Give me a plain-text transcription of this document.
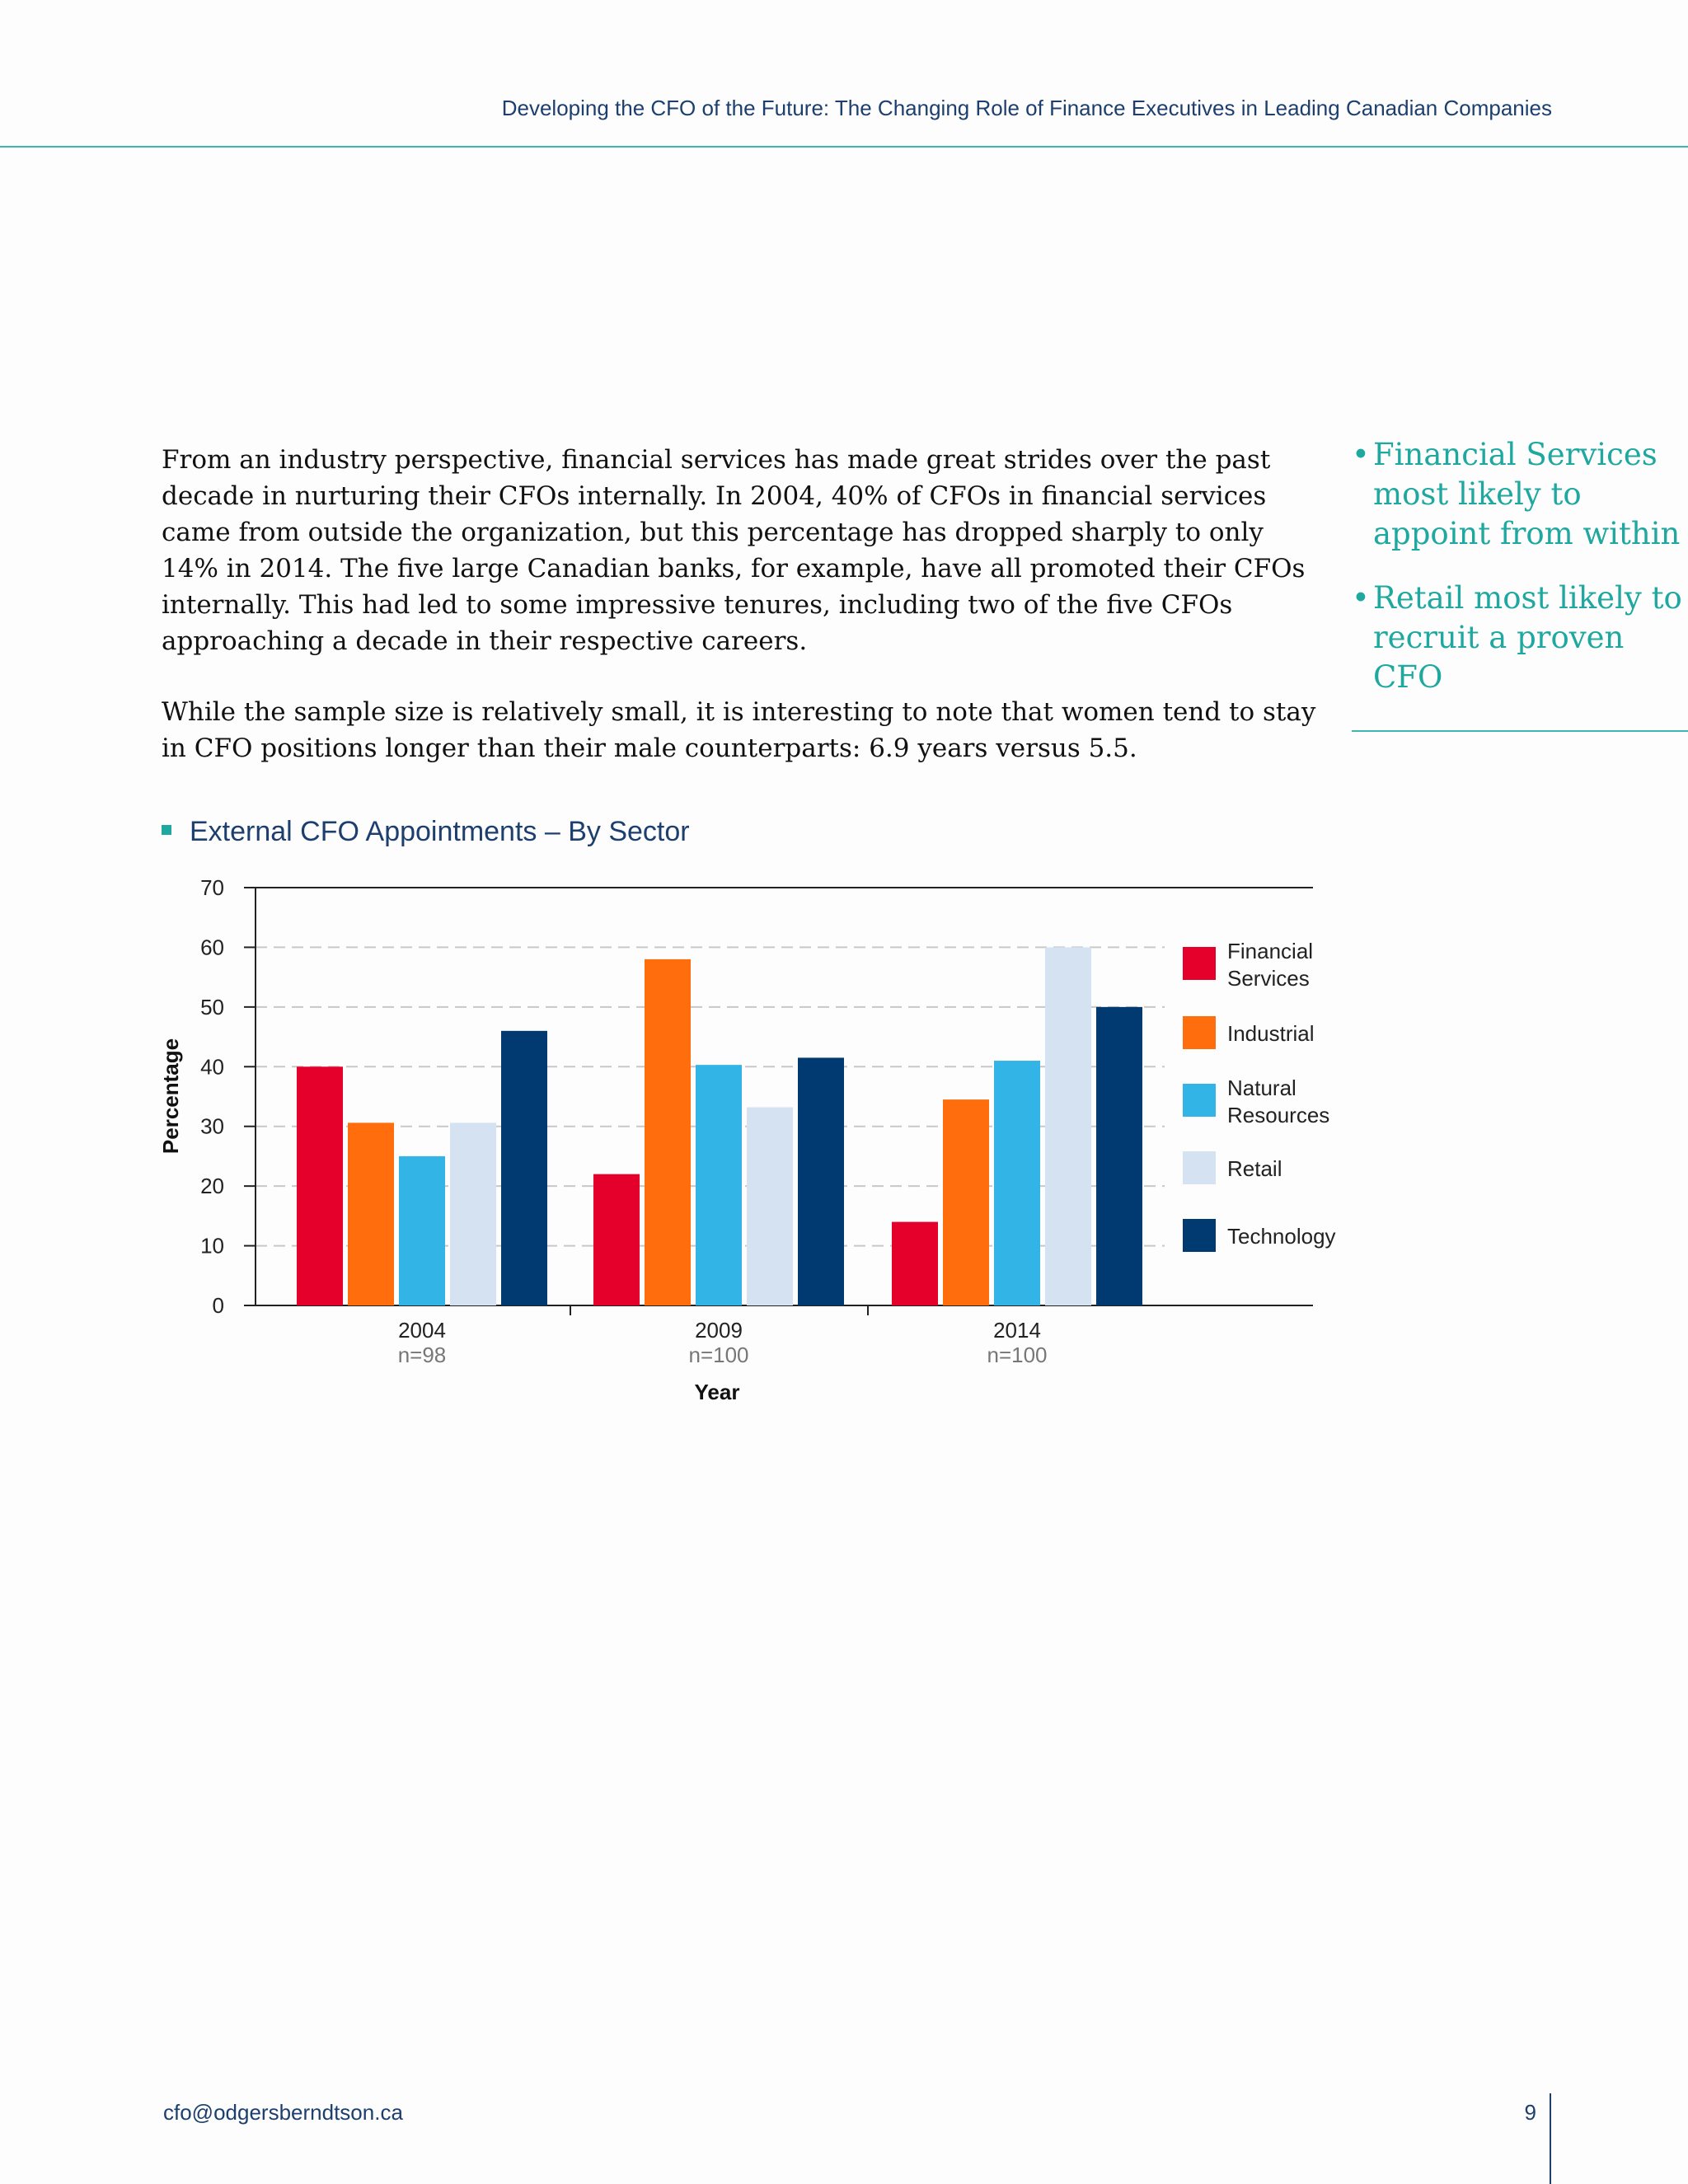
Developing the CFO of the Future: The Changing Role of Finance Executives in Leading Canadian Companies

From an industry perspective, financial services has made great strides over the past decade in nurturing their CFOs internally. In 2004, 40% of CFOs in financial services came from outside the organization, but this percentage has dropped sharply to only 14% in 2014. The five large Canadian banks, for example, have all promoted their CFOs internally. This had led to some impressive tenures, including two of the five CFOs approaching a decade in their respective careers.

While the sample size is relatively small, it is interesting to note that women tend to stay in CFO positions longer than their male counterparts: 6.9 years versus 5.5.

• Financial Services most likely to appoint from within
• Retail most likely to recruit a proven CFO
External CFO Appointments – By Sector
0
10
20
30
40
50
60
70
2004
n=98
2009
n=100
2014
n=100
Year
Percentage
Financial
Services
Industrial
Natural
Resources
Retail
Technology
cfo@odgersberndtson.ca	9
